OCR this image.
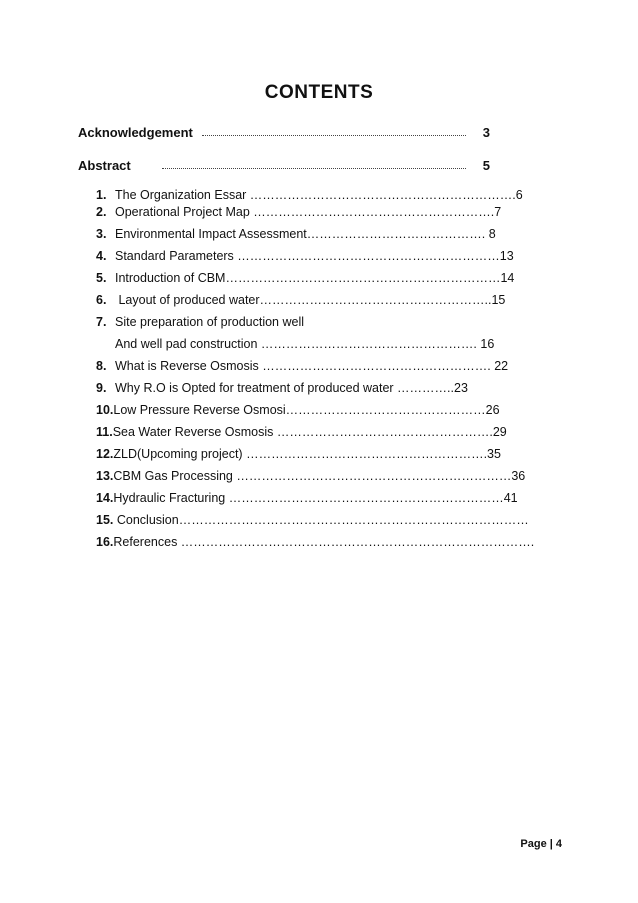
CONTENTS
Acknowledgement	3
Abstract	5
1. The Organization Essar ……………………………………………………….6
2. Operational Project Map ………………………………………………….7
3. Environmental Impact Assessment……………………………………. 8
4. Standard Parameters ………………………………………………………13
5. Introduction of CBM…………………………………………………………14
6. Layout of produced water………………………………………………..15
7. Site preparation of production well
And well pad construction ……………………………………………. 16
8. What is Reverse Osmosis ………………………………………………. 22
9. Why R.O is Opted for treatment of produced water …………..23
10.Low Pressure Reverse Osmosi…………………………………………26
11.Sea Water Reverse Osmosis …………………………………………….29
12.ZLD(Upcoming project) ………………………………………………….35
13.CBM Gas Processing …………………………………………………………36
14.Hydraulic Fracturing …………………………………………………………41
15. Conclusion…………………………………………………………………………
16.References ………………………………………………………………………….
Page | 4
